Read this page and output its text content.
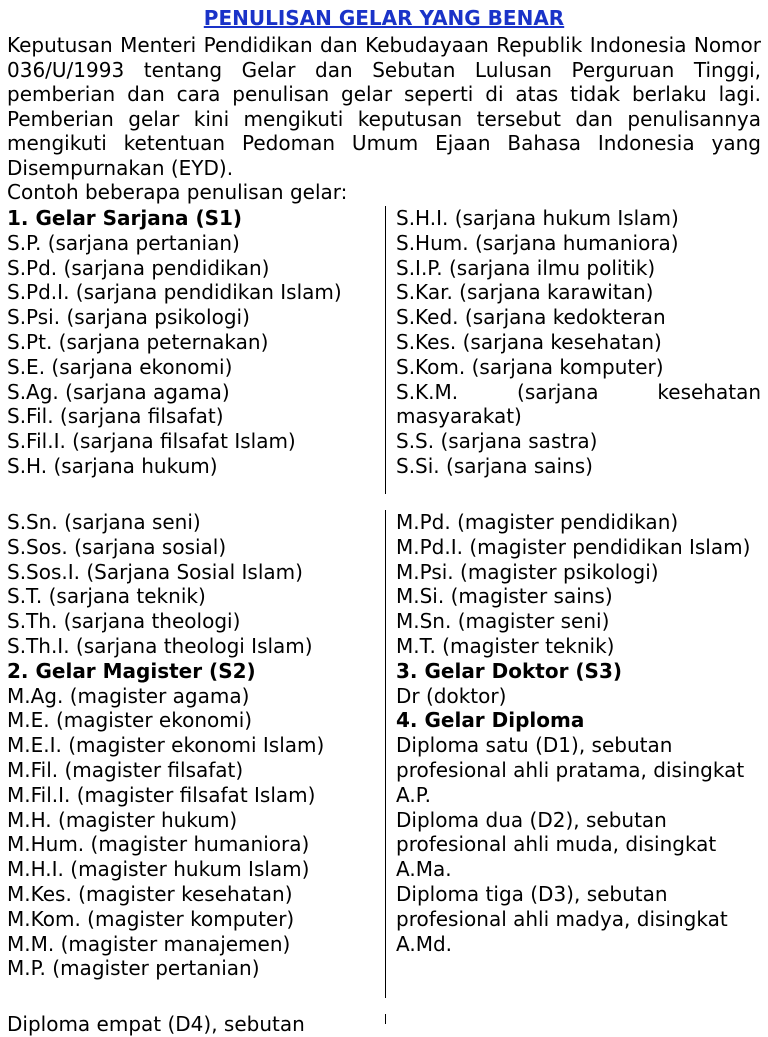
PENULISAN GELAR YANG BENAR

Keputusan Menteri Pendidikan dan Kebudayaan Republik Indonesia Nomor 036/U/1993 tentang Gelar dan Sebutan Lulusan Perguruan Tinggi, pemberian dan cara penulisan gelar seperti di atas tidak berlaku lagi. Pemberian gelar kini mengikuti keputusan tersebut dan penulisannya mengikuti ketentuan Pedoman Umum Ejaan Bahasa Indonesia yang Disempurnakan (EYD).

Contoh beberapa penulisan gelar:

1. Gelar Sarjana (S1)
S.P. (sarjana pertanian)
S.Pd. (sarjana pendidikan)
S.Pd.I. (sarjana pendidikan Islam)
S.Psi. (sarjana psikologi)
S.Pt. (sarjana peternakan)
S.E. (sarjana ekonomi)
S.Ag. (sarjana agama)
S.Fil. (sarjana filsafat)
S.Fil.I. (sarjana filsafat Islam)
S.H. (sarjana hukum)
S.H.I. (sarjana hukum Islam)
S.Hum. (sarjana humaniora)
S.I.P. (sarjana ilmu politik)
S.Kar. (sarjana karawitan)
S.Ked. (sarjana kedokteran
S.Kes. (sarjana kesehatan)
S.Kom. (sarjana komputer)
S.K.M. (sarjana kesehatan masyarakat)
S.S. (sarjana sastra)
S.Si. (sarjana sains)
S.Sn. (sarjana seni)
S.Sos. (sarjana sosial)
S.Sos.I. (Sarjana Sosial Islam)
S.T. (sarjana teknik)
S.Th. (sarjana theologi)
S.Th.I. (sarjana theologi Islam)
2. Gelar Magister (S2)
M.Ag. (magister agama)
M.E. (magister ekonomi)
M.E.I. (magister ekonomi Islam)
M.Fil. (magister filsafat)
M.Fil.I. (magister filsafat Islam)
M.H. (magister hukum)
M.Hum. (magister humaniora)
M.H.I. (magister hukum Islam)
M.Kes. (magister kesehatan)
M.Kom. (magister komputer)
M.M. (magister manajemen)
M.P. (magister pertanian)
M.Pd. (magister pendidikan)
M.Pd.I. (magister pendidikan Islam)
M.Psi. (magister psikologi)
M.Si. (magister sains)
M.Sn. (magister seni)
M.T. (magister teknik)
3. Gelar Doktor (S3)
Dr (doktor)
4. Gelar Diploma
Diploma satu (D1), sebutan profesional ahli pratama, disingkat A.P.
Diploma dua (D2), sebutan profesional ahli muda, disingkat A.Ma.
Diploma tiga (D3), sebutan profesional ahli madya, disingkat A.Md.
Diploma empat (D4), sebutan
